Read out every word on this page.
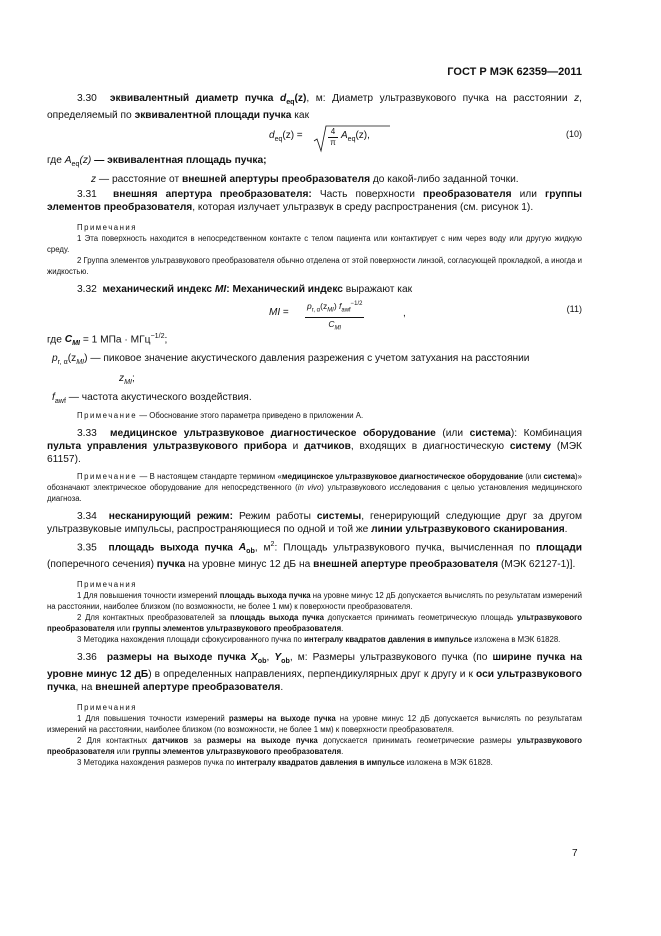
ГОСТ Р МЭК 62359—2011

3.30 эквивалентный диаметр пучка $d_{eq}(z)$, м: Диаметр ультразвукового пучка на расстоянии z, определяемый по эквивалентной площади пучка как

$d_{eq}(z)$ =	4
π
$A_{eq}(z)$,	(10)

где $A_{eq}(z)$ — эквивалентная площадь пучка;

z — расстояние от внешней апертуры преобразователя до какой-либо заданной точки.

3.31 внешняя апертура преобразователя: Часть поверхности преобразователя или группы элементов преобразователя, которая излучает ультразвук в среду распространения (см. рисунок 1).

Примечания

1 Эта поверхность находится в непосредственном контакте с телом пациента или контактирует с ним через воду или другую жидкую среду.

2 Группа элементов ультразвукового преобразователя обычно отделена от этой поверхности линзой, согласующей прокладкой, а иногда и жидкостью.

3.32 механический индекс MI: Механический индекс выражают как

MI =
$p_{r, \alpha}(z_{MI})$ $f_{awf}^{-1/2}$
$C_{MI}$
,	(11)

где $C_{MI} = 1$ МПа · МГц$^{-1/2}$;

$p_{r, \alpha}(z_{MI})$ — пиковое значение акустического давления разрежения с учетом затухания на расстоянии

$z_{MI}$;

$f_{awf}$ — частота акустического воздействия.

Примечание — Обоснование этого параметра приведено в приложении А.

3.33 медицинское ультразвуковое диагностическое оборудование (или система): Комбинация пульта управления ультразвукового прибора и датчиков, входящих в диагностическую систему (МЭК 61157).

Примечание — В настоящем стандарте термином «медицинское ультразвуковое диагностическое оборудование (или система)» обозначают электрическое оборудование для непосредственного (in vivo) ультразвукового исследования с целью установления медицинского диагноза.

3.34 несканирующий режим: Режим работы системы, генерирующий следующие друг за другом ультразвуковые импульсы, распространяющиеся по одной и той же линии ультразвукового сканирования.

3.35 площадь выхода пучка $A_{ob}$, $м^2$: Площадь ультразвукового пучка, вычисленная по площади (поперечного сечения) пучка на уровне минус 12 дБ на внешней апертуре преобразователя (МЭК 62127-1)].

Примечания

1 Для повышения точности измерений площадь выхода пучка на уровне минус 12 дБ допускается вычислять по результатам измерений на расстоянии, наиболее близком (по возможности, не более 1 мм) к поверхности преобразователя.

2 Для контактных преобразователей за площадь выхода пучка допускается принимать геометрическую площадь ультразвукового преобразователя или группы элементов ультразвукового преобразователя.

3 Методика нахождения площади сфокусированного пучка по интегралу квадратов давления в импульсе изложена в МЭК 61828.

3.36 размеры на выходе пучка $X_{ob}$, $Y_{ob}$, м: Размеры ультразвукового пучка (по ширине пучка на уровне минус 12 дБ) в определенных направлениях, перпендикулярных друг к другу и к оси ультразвукового пучка, на внешней апертуре преобразователя.

Примечания

1 Для повышения точности измерений размеры на выходе пучка на уровне минус 12 дБ допускается вычислять по результатам измерений на расстоянии, наиболее близком (по возможности, не более 1 мм) к поверхности преобразователя.

2 Для контактных датчиков за размеры на выходе пучка допускается принимать геометрические размеры ультразвукового преобразователя или группы элементов ультразвукового преобразователя.

3 Методика нахождения размеров пучка по интегралу квадратов давления в импульсе изложена в МЭК 61828.

7
